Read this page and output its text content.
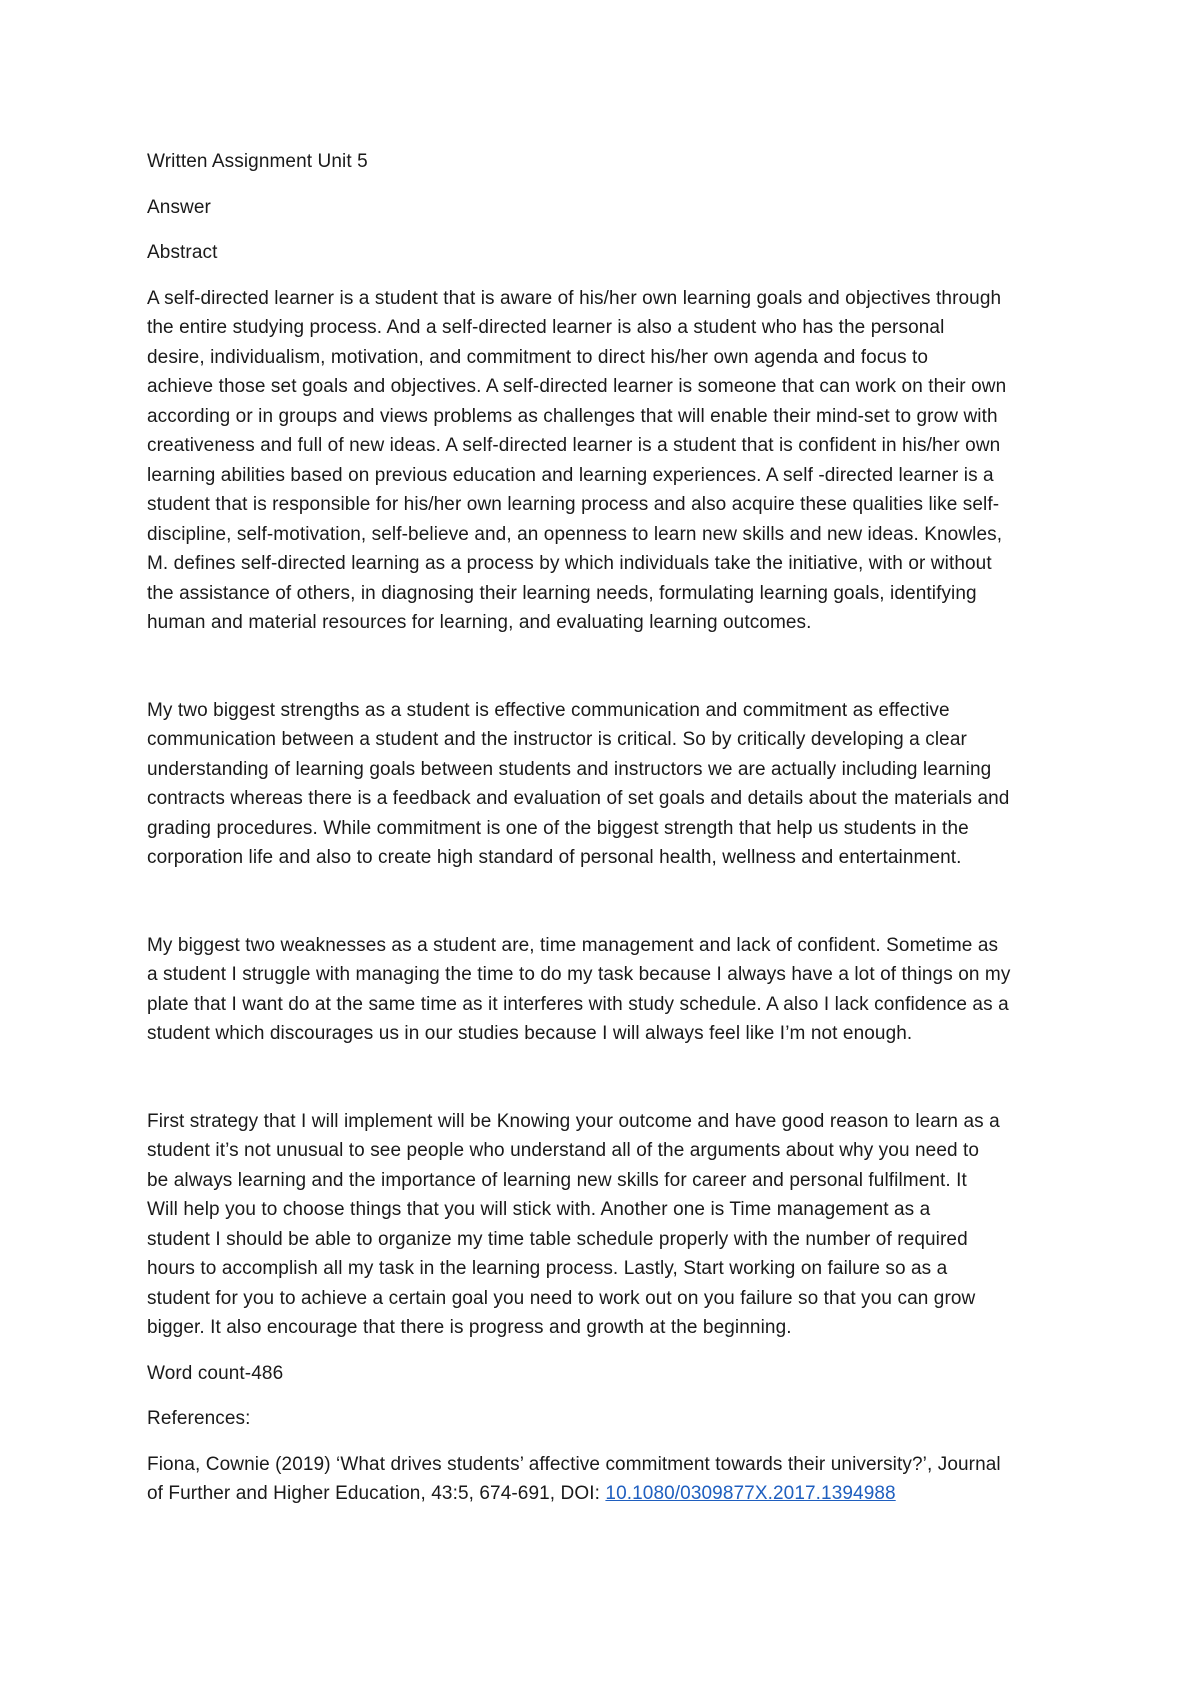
Written Assignment Unit 5

Answer

Abstract

A self-directed learner is a student that is aware of his/her own learning goals and objectives through

the entire studying process. And a self-directed learner is also a student who has the personal

desire, individualism, motivation, and commitment to direct his/her own agenda and focus to

achieve those set goals and objectives. A self-directed learner is someone that can work on their own

according or in groups and views problems as challenges that will enable their mind-set to grow with

creativeness and full of new ideas. A self-directed learner is a student that is confident in his/her own

learning abilities based on previous education and learning experiences. A self -directed learner is a

student that is responsible for his/her own learning process and also acquire these qualities like self-

discipline, self-motivation, self-believe and, an openness to learn new skills and new ideas. Knowles,

M. defines self-directed learning as a process by which individuals take the initiative, with or without

the assistance of others, in diagnosing their learning needs, formulating learning goals, identifying

human and material resources for learning, and evaluating learning outcomes.

My two biggest strengths as a student is effective communication and commitment as effective

communication between a student and the instructor is critical. So by critically developing a clear

understanding of learning goals between students and instructors we are actually including learning

contracts whereas there is a feedback and evaluation of set goals and details about the materials and

grading procedures. While commitment is one of the biggest strength that help us students in the

corporation life and also to create high standard of personal health, wellness and entertainment.

My biggest two weaknesses as a student are, time management and lack of confident. Sometime as

a student I struggle with managing the time to do my task because I always have a lot of things on my

plate that I want do at the same time as it interferes with study schedule. A also I lack confidence as a

student which discourages us in our studies because I will always feel like I’m not enough.

First strategy that I will implement will be Knowing your outcome and have good reason to learn as a

student it’s not unusual to see people who understand all of the arguments about why you need to

be always learning and the importance of learning new skills for career and personal fulfilment. It

Will help you to choose things that you will stick with. Another one is Time management as a

student I should be able to organize my time table schedule properly with the number of required

hours to accomplish all my task in the learning process. Lastly, Start working on failure so as a

student for you to achieve a certain goal you need to work out on you failure so that you can grow

bigger. It also encourage that there is progress and growth at the beginning.

Word count-486

References:

Fiona, Cownie (2019) ‘What drives students’ affective commitment towards their university?’, Journal

of Further and Higher Education, 43:5, 674-691, DOI: 10.1080/0309877X.2017.1394988
